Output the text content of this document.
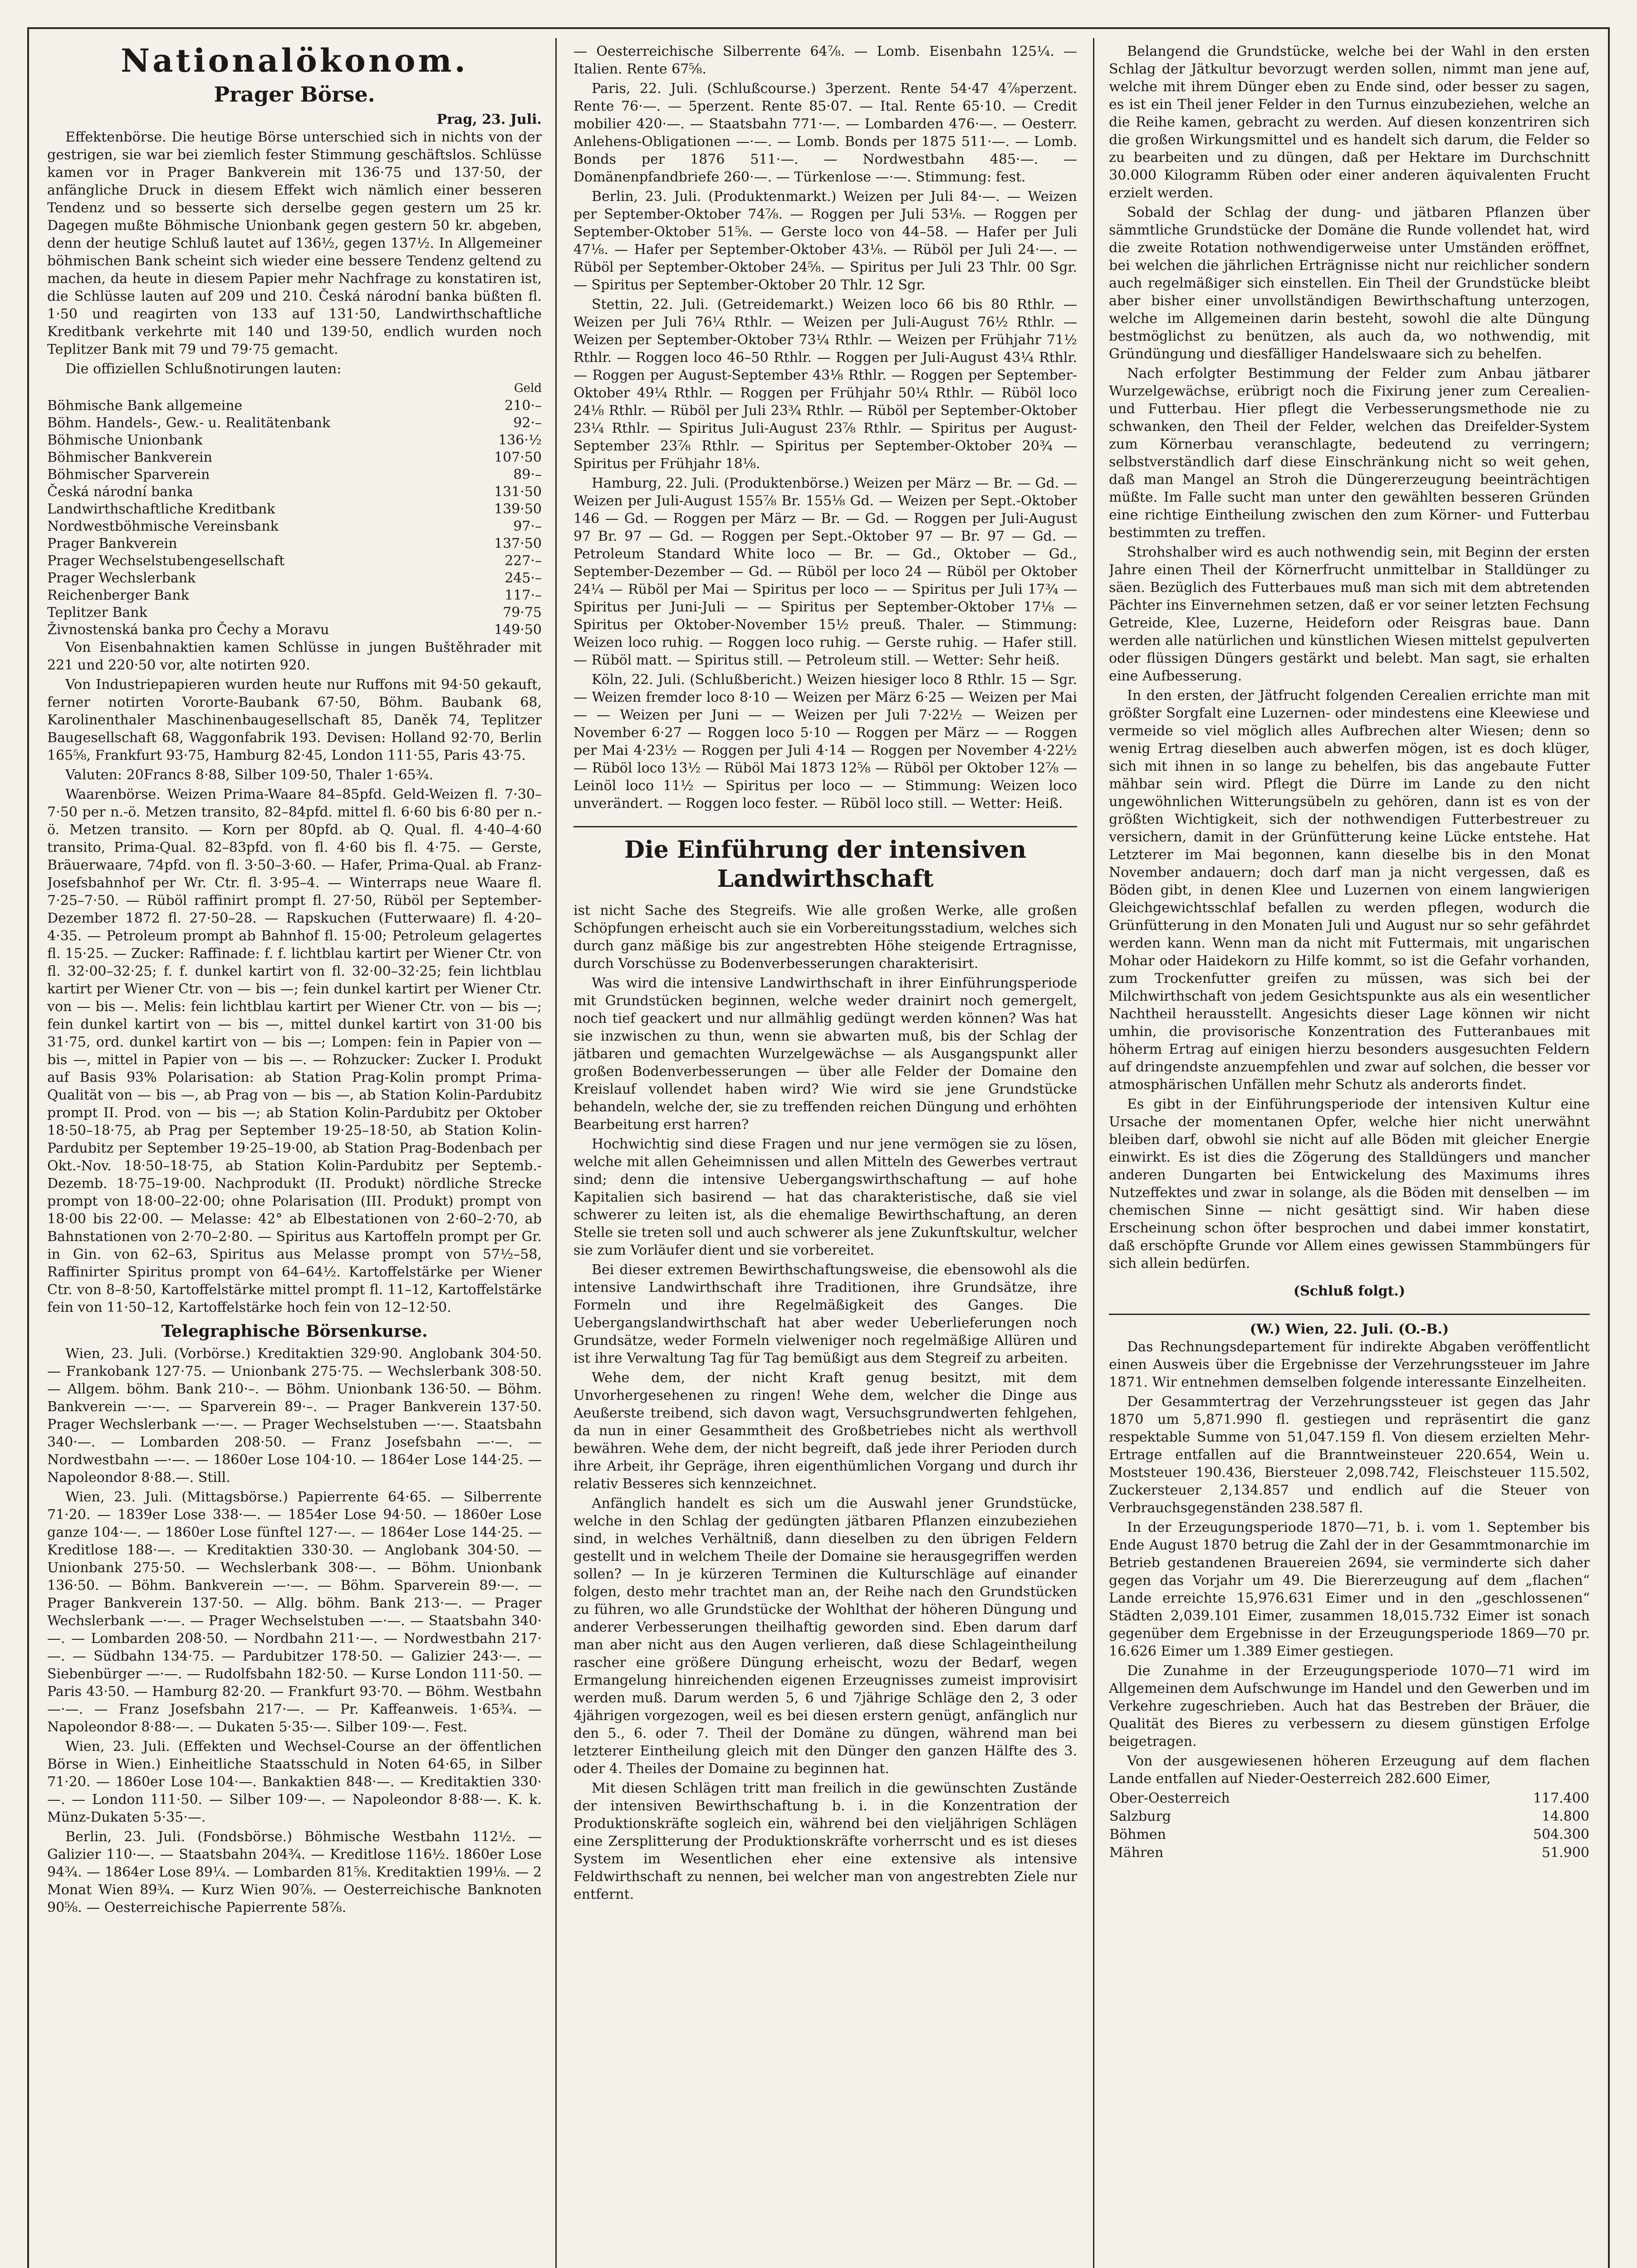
Nationalökonom.
Prager Börse.
Prag, 23. Juli.

Effektenbörse. Die heutige Börse unterschied sich in nichts von der gestrigen, sie war bei ziemlich fester Stimmung geschäftslos. Schlüsse kamen vor in Prager Bankverein mit 136·75 und 137·50, der anfängliche Druck in diesem Effekt wich nämlich einer besseren Tendenz und so besserte sich derselbe gegen gestern um 25 kr. Dagegen mußte Böhmische Unionbank gegen gestern 50 kr. abgeben, denn der heutige Schluß lautet auf 136½, gegen 137½. In Allgemeiner böhmischen Bank scheint sich wieder eine bessere Tendenz geltend zu machen, da heute in diesem Papier mehr Nachfrage zu konstatiren ist, die Schlüsse lauten auf 209 und 210. Česká národní banka büßten fl. 1·50 und reagirten von 133 auf 131·50, Landwirthschaftliche Kreditbank verkehrte mit 140 und 139·50, endlich wurden noch Teplitzer Bank mit 79 und 79·75 gemacht.

Die offiziellen Schlußnotirungen lauten:

Geld
Böhmische Bank allgemeine	210·–
Böhm. Handels-, Gew.- u. Realitätenbank	92·–
Böhmische Unionbank	136·½
Böhmischer Bankverein	107·50
Böhmischer Sparverein	89·–
Česká národní banka	131·50
Landwirthschaftliche Kreditbank	139·50
Nordwestböhmische Vereinsbank	97·–
Prager Bankverein	137·50
Prager Wechselstubengesellschaft	227·–
Prager Wechslerbank	245·–
Reichenberger Bank	117·–
Teplitzer Bank	79·75
Živnostenská banka pro Čechy a Moravu	149·50

Von Eisenbahnaktien kamen Schlüsse in jungen Buštěhrader mit 221 und 220·50 vor, alte notirten 920.

Von Industriepapieren wurden heute nur Ruffons mit 94·50 gekauft, ferner notirten Vororte-Baubank 67·50, Böhm. Baubank 68, Karolinenthaler Maschinenbaugesellschaft 85, Daněk 74, Teplitzer Baugesellschaft 68, Waggonfabrik 193. Devisen: Holland 92·70, Berlin 165⅝, Frankfurt 93·75, Hamburg 82·45, London 111·55, Paris 43·75.

Valuten: 20Francs 8·88, Silber 109·50, Thaler 1·65¾.

Waarenbörse. Weizen Prima-Waare 84–85pfd. Geld-Weizen fl. 7·30–7·50 per n.-ö. Metzen transito, 82–84pfd. mittel fl. 6·60 bis 6·80 per n.-ö. Metzen transito. — Korn per 80pfd. ab Q. Qual. fl. 4·40–4·60 transito, Prima-Qual. 82–83pfd. von fl. 4·60 bis fl. 4·75. — Gerste, Bräuerwaare, 74pfd. von fl. 3·50–3·60. — Hafer, Prima-Qual. ab Franz-Josefsbahnhof per Wr. Ctr. fl. 3·95–4. — Winterraps neue Waare fl. 7·25–7·50. — Rüböl raffinirt prompt fl. 27·50, Rüböl per September-Dezember 1872 fl. 27·50–28. — Rapskuchen (Futterwaare) fl. 4·20–4·35. — Petroleum prompt ab Bahnhof fl. 15·00; Petroleum gelagertes fl. 15·25. — Zucker: Raffinade: f. f. lichtblau kartirt per Wiener Ctr. von fl. 32·00–32·25; f. f. dunkel kartirt von fl. 32·00–32·25; fein lichtblau kartirt per Wiener Ctr. von — bis —; fein dunkel kartirt per Wiener Ctr. von — bis —. Melis: fein lichtblau kartirt per Wiener Ctr. von — bis —; fein dunkel kartirt von — bis —, mittel dunkel kartirt von 31·00 bis 31·75, ord. dunkel kartirt von — bis —; Lompen: fein in Papier von — bis —, mittel in Papier von — bis —. — Rohzucker: Zucker I. Produkt auf Basis 93% Polarisation: ab Station Prag-Kolin prompt Prima-Qualität von — bis —, ab Prag von — bis —, ab Station Kolin-Pardubitz prompt II. Prod. von — bis —; ab Station Kolin-Pardubitz per Oktober 18·50–18·75, ab Prag per September 19·25–18·50, ab Station Kolin-Pardubitz per September 19·25–19·00, ab Station Prag-Bodenbach per Okt.-Nov. 18·50–18·75, ab Station Kolin-Pardubitz per Septemb.-Dezemb. 18·75–19·00. Nachprodukt (II. Produkt) nördliche Strecke prompt von 18·00–22·00; ohne Polarisation (III. Produkt) prompt von 18·00 bis 22·00. — Melasse: 42° ab Elbestationen von 2·60–2·70, ab Bahnstationen von 2·70–2·80. — Spiritus aus Kartoffeln prompt per Gr. in Gin. von 62–63, Spiritus aus Melasse prompt von 57½–58, Raffinirter Spiritus prompt von 64–64½. Kartoffelstärke per Wiener Ctr. von 8–8·50, Kartoffelstärke mittel prompt fl. 11–12, Kartoffelstärke fein von 11·50–12, Kartoffelstärke hoch fein von 12–12·50.

Telegraphische Börsenkurse.

Wien, 23. Juli. (Vorbörse.) Kreditaktien 329·90. Anglobank 304·50. — Frankobank 127·75. — Unionbank 275·75. — Wechslerbank 308·50. — Allgem. böhm. Bank 210·–. — Böhm. Unionbank 136·50. — Böhm. Bankverein —·—. — Sparverein 89·–. — Prager Bankverein 137·50. Prager Wechslerbank —·—. — Prager Wechselstuben —·—. Staatsbahn 340·—. — Lombarden 208·50. — Franz Josefsbahn —·—. — Nordwestbahn —·—. — 1860er Lose 104·10. — 1864er Lose 144·25. — Napoleondor 8·88.—. Still.

Wien, 23. Juli. (Mittagsbörse.) Papierrente 64·65. — Silberrente 71·20. — 1839er Lose 338·—. — 1854er Lose 94·50. — 1860er Lose ganze 104·—. — 1860er Lose fünftel 127·—. — 1864er Lose 144·25. — Kreditlose 188·—. — Kreditaktien 330·30. — Anglobank 304·50. — Unionbank 275·50. — Wechslerbank 308·—. — Böhm. Unionbank 136·50. — Böhm. Bankverein —·—. — Böhm. Sparverein 89·—. — Prager Bankverein 137·50. — Allg. böhm. Bank 213·—. — Prager Wechslerbank —·—. — Prager Wechselstuben —·—. — Staatsbahn 340·—. — Lombarden 208·50. — Nordbahn 211·—. — Nordwestbahn 217·—. — Südbahn 134·75. — Pardubitzer 178·50. — Galizier 243·—. — Siebenbürger —·—. — Rudolfsbahn 182·50. — Kurse London 111·50. — Paris 43·50. — Hamburg 82·20. — Frankfurt 93·70. — Böhm. Westbahn —·—. — Franz Josefsbahn 217·—. — Pr. Kaffeanweis. 1·65¾. — Napoleondor 8·88·—. — Dukaten 5·35·—. Silber 109·—. Fest.

Wien, 23. Juli. (Effekten und Wechsel-Course an der öffentlichen Börse in Wien.) Einheitliche Staatsschuld in Noten 64·65, in Silber 71·20. — 1860er Lose 104·—. Bankaktien 848·—. — Kreditaktien 330·—. — London 111·50. — Silber 109·—. — Napoleondor 8·88·—. K. k. Münz-Dukaten 5·35·—.

Berlin, 23. Juli. (Fondsbörse.) Böhmische Westbahn 112½. — Galizier 110·—. — Staatsbahn 204¾. — Kreditlose 116½. 1860er Lose 94¾. — 1864er Lose 89¼. — Lombarden 81⅝. Kreditaktien 199⅛. — 2 Monat Wien 89¾. — Kurz Wien 90⅞. — Oesterreichische Banknoten 90⅝. — Oesterreichische Papierrente 58⅞.

— Oesterreichische Silberrente 64⅞. — Lomb. Eisenbahn 125¼. — Italien. Rente 67⅝.

Paris, 22. Juli. (Schlußcourse.) 3perzent. Rente 54·47 4⅞perzent. Rente 76·—. — 5perzent. Rente 85·07. — Ital. Rente 65·10. — Credit mobilier 420·—. — Staatsbahn 771·—. — Lombarden 476·—. — Oesterr. Anlehens-Obligationen —·—. — Lomb. Bonds per 1875 511·—. — Lomb. Bonds per 1876 511·—. — Nordwestbahn 485·—. — Domänenpfandbriefe 260·—. — Türkenlose —·—. Stimmung: fest.

Berlin, 23. Juli. (Produktenmarkt.) Weizen per Juli 84·—. — Weizen per September-Oktober 74⅞. — Roggen per Juli 53⅛. — Roggen per September-Oktober 51⅝. — Gerste loco von 44–58. — Hafer per Juli 47⅛. — Hafer per September-Oktober 43⅛. — Rüböl per Juli 24·—. — Rüböl per September-Oktober 24⅝. — Spiritus per Juli 23 Thlr. 00 Sgr. — Spiritus per September-Oktober 20 Thlr. 12 Sgr.

Stettin, 22. Juli. (Getreidemarkt.) Weizen loco 66 bis 80 Rthlr. — Weizen per Juli 76¼ Rthlr. — Weizen per Juli-August 76½ Rthlr. — Weizen per September-Oktober 73¼ Rthlr. — Weizen per Frühjahr 71½ Rthlr. — Roggen loco 46–50 Rthlr. — Roggen per Juli-August 43¼ Rthlr. — Roggen per August-September 43⅛ Rthlr. — Roggen per September-Oktober 49¼ Rthlr. — Roggen per Frühjahr 50¼ Rthlr. — Rüböl loco 24⅛ Rthlr. — Rüböl per Juli 23¾ Rthlr. — Rüböl per September-Oktober 23¼ Rthlr. — Spiritus Juli-August 23⅞ Rthlr. — Spiritus per August-September 23⅞ Rthlr. — Spiritus per September-Oktober 20¾ — Spiritus per Frühjahr 18⅛.

Hamburg, 22. Juli. (Produktenbörse.) Weizen per März — Br. — Gd. — Weizen per Juli-August 155⅞ Br. 155⅛ Gd. — Weizen per Sept.-Oktober 146 — Gd. — Roggen per März — Br. — Gd. — Roggen per Juli-August 97 Br. 97 — Gd. — Roggen per Sept.-Oktober 97 — Br. 97 — Gd. — Petroleum Standard White loco — Br. — Gd., Oktober — Gd., September-Dezember — Gd. — Rüböl per loco 24 — Rüböl per Oktober 24¼ — Rüböl per Mai — Spiritus per loco — — Spiritus per Juli 17¾ — Spiritus per Juni-Juli — — Spiritus per September-Oktober 17⅛ — Spiritus per Oktober-November 15½ preuß. Thaler. — Stimmung: Weizen loco ruhig. — Roggen loco ruhig. — Gerste ruhig. — Hafer still. — Rüböl matt. — Spiritus still. — Petroleum still. — Wetter: Sehr heiß.

Köln, 22. Juli. (Schlußbericht.) Weizen hiesiger loco 8 Rthlr. 15 — Sgr. — Weizen fremder loco 8·10 — Weizen per März 6·25 — Weizen per Mai — — Weizen per Juni — — Weizen per Juli 7·22½ — Weizen per November 6·27 — Roggen loco 5·10 — Roggen per März — — Roggen per Mai 4·23½ — Roggen per Juli 4·14 — Roggen per November 4·22½ — Rüböl loco 13½ — Rüböl Mai 1873 12⅝ — Rüböl per Oktober 12⅞ — Leinöl loco 11½ — Spiritus per loco — — Stimmung: Weizen loco unverändert. — Roggen loco fester. — Rüböl loco still. — Wetter: Heiß.

Die Einführung der intensiven Landwirthschaft

ist nicht Sache des Stegreifs. Wie alle großen Werke, alle großen Schöpfungen erheischt auch sie ein Vorbereitungsstadium, welches sich durch ganz mäßige bis zur angestrebten Höhe steigende Ertragnisse, durch Vorschüsse zu Bodenverbesserungen charakterisirt.

Was wird die intensive Landwirthschaft in ihrer Einführungsperiode mit Grundstücken beginnen, welche weder drainirt noch gemergelt, noch tief geackert und nur allmählig gedüngt werden können? Was hat sie inzwischen zu thun, wenn sie abwarten muß, bis der Schlag der jätbaren und gemachten Wurzelgewächse — als Ausgangspunkt aller großen Bodenverbesserungen — über alle Felder der Domaine den Kreislauf vollendet haben wird? Wie wird sie jene Grundstücke behandeln, welche der, sie zu treffenden reichen Düngung und erhöhten Bearbeitung erst harren?

Hochwichtig sind diese Fragen und nur jene vermögen sie zu lösen, welche mit allen Geheimnissen und allen Mitteln des Gewerbes vertraut sind; denn die intensive Uebergangswirthschaftung — auf hohe Kapitalien sich basirend — hat das charakteristische, daß sie viel schwerer zu leiten ist, als die ehemalige Bewirthschaftung, an deren Stelle sie treten soll und auch schwerer als jene Zukunftskultur, welcher sie zum Vorläufer dient und sie vorbereitet.

Bei dieser extremen Bewirthschaftungsweise, die ebensowohl als die intensive Landwirthschaft ihre Traditionen, ihre Grundsätze, ihre Formeln und ihre Regelmäßigkeit des Ganges. Die Uebergangslandwirthschaft hat aber weder Ueberlieferungen noch Grundsätze, weder Formeln vielweniger noch regelmäßige Allüren und ist ihre Verwaltung Tag für Tag bemüßigt aus dem Stegreif zu arbeiten.

Wehe dem, der nicht Kraft genug besitzt, mit dem Unvorhergesehenen zu ringen! Wehe dem, welcher die Dinge aus Aeußerste treibend, sich davon wagt, Versuchsgrundwerten fehlgehen, da nun in einer Gesammtheit des Großbetriebes nicht als werthvoll bewähren. Wehe dem, der nicht begreift, daß jede ihrer Perioden durch ihre Arbeit, ihr Gepräge, ihren eigenthümlichen Vorgang und durch ihr relativ Besseres sich kennzeichnet.

Anfänglich handelt es sich um die Auswahl jener Grundstücke, welche in den Schlag der gedüngten jätbaren Pflanzen einzubeziehen sind, in welches Verhältniß, dann dieselben zu den übrigen Feldern gestellt und in welchem Theile der Domaine sie herausgegriffen werden sollen? — In je kürzeren Terminen die Kulturschläge auf einander folgen, desto mehr trachtet man an, der Reihe nach den Grundstücken zu führen, wo alle Grundstücke der Wohlthat der höheren Düngung und anderer Verbesserungen theilhaftig geworden sind. Eben darum darf man aber nicht aus den Augen verlieren, daß diese Schlageintheilung rascher eine größere Düngung erheischt, wozu der Bedarf, wegen Ermangelung hinreichenden eigenen Erzeugnisses zumeist improvisirt werden muß. Darum werden 5, 6 und 7jährige Schläge den 2, 3 oder 4jährigen vorgezogen, weil es bei diesen erstern genügt, anfänglich nur den 5., 6. oder 7. Theil der Domäne zu düngen, während man bei letzterer Eintheilung gleich mit den Dünger den ganzen Hälfte des 3. oder 4. Theiles der Domaine zu beginnen hat.

Mit diesen Schlägen tritt man freilich in die gewünschten Zustände der intensiven Bewirthschaftung b. i. in die Konzentration der Produktionskräfte sogleich ein, während bei den vieljährigen Schlägen eine Zersplitterung der Produktionskräfte vorherrscht und es ist dieses System im Wesentlichen eher eine extensive als intensive Feldwirthschaft zu nennen, bei welcher man von angestrebten Ziele nur entfernt.

Belangend die Grundstücke, welche bei der Wahl in den ersten Schlag der Jätkultur bevorzugt werden sollen, nimmt man jene auf, welche mit ihrem Dünger eben zu Ende sind, oder besser zu sagen, es ist ein Theil jener Felder in den Turnus einzubeziehen, welche an die Reihe kamen, gebracht zu werden. Auf diesen konzentriren sich die großen Wirkungsmittel und es handelt sich darum, die Felder so zu bearbeiten und zu düngen, daß per Hektare im Durchschnitt 30.000 Kilogramm Rüben oder einer anderen äquivalenten Frucht erzielt werden.

Sobald der Schlag der dung- und jätbaren Pflanzen über sämmtliche Grundstücke der Domäne die Runde vollendet hat, wird die zweite Rotation nothwendigerweise unter Umständen eröffnet, bei welchen die jährlichen Erträgnisse nicht nur reichlicher sondern auch regelmäßiger sich einstellen. Ein Theil der Grundstücke bleibt aber bisher einer unvollständigen Bewirthschaftung unterzogen, welche im Allgemeinen darin besteht, sowohl die alte Düngung bestmöglichst zu benützen, als auch da, wo nothwendig, mit Gründüngung und diesfälliger Handelswaare sich zu behelfen.

Nach erfolgter Bestimmung der Felder zum Anbau jätbarer Wurzelgewächse, erübrigt noch die Fixirung jener zum Cerealien- und Futterbau. Hier pflegt die Verbesserungsmethode nie zu schwanken, den Theil der Felder, welchen das Dreifelder-System zum Körnerbau veranschlagte, bedeutend zu verringern; selbstverständlich darf diese Einschränkung nicht so weit gehen, daß man Mangel an Stroh die Düngererzeugung beeinträchtigen müßte. Im Falle sucht man unter den gewählten besseren Gründen eine richtige Eintheilung zwischen den zum Körner- und Futterbau bestimmten zu treffen.

Strohshalber wird es auch nothwendig sein, mit Beginn der ersten Jahre einen Theil der Körnerfrucht unmittelbar in Stalldünger zu säen. Bezüglich des Futterbaues muß man sich mit dem abtretenden Pächter ins Einvernehmen setzen, daß er vor seiner letzten Fechsung Getreide, Klee, Luzerne, Heideforn oder Reisgras baue. Dann werden alle natürlichen und künstlichen Wiesen mittelst gepulverten oder flüssigen Düngers gestärkt und belebt. Man sagt, sie erhalten eine Aufbesserung.

In den ersten, der Jätfrucht folgenden Cerealien errichte man mit größter Sorgfalt eine Luzernen- oder mindestens eine Kleewiese und vermeide so viel möglich alles Aufbrechen alter Wiesen; denn so wenig Ertrag dieselben auch abwerfen mögen, ist es doch klüger, sich mit ihnen in so lange zu behelfen, bis das angebaute Futter mähbar sein wird. Pflegt die Dürre im Lande zu den nicht ungewöhnlichen Witterungsübeln zu gehören, dann ist es von der größten Wichtigkeit, sich der nothwendigen Futterbestreuer zu versichern, damit in der Grünfütterung keine Lücke entstehe. Hat Letzterer im Mai begonnen, kann dieselbe bis in den Monat November andauern; doch darf man ja nicht vergessen, daß es Böden gibt, in denen Klee und Luzernen von einem langwierigen Gleichgewichtsschlaf befallen zu werden pflegen, wodurch die Grünfütterung in den Monaten Juli und August nur so sehr gefährdet werden kann. Wenn man da nicht mit Futtermais, mit ungarischen Mohar oder Haidekorn zu Hilfe kommt, so ist die Gefahr vorhanden, zum Trockenfutter greifen zu müssen, was sich bei der Milchwirthschaft von jedem Gesichtspunkte aus als ein wesentlicher Nachtheil herausstellt. Angesichts dieser Lage können wir nicht umhin, die provisorische Konzentration des Futteranbaues mit höherm Ertrag auf einigen hierzu besonders ausgesuchten Feldern auf dringendste anzuempfehlen und zwar auf solchen, die besser vor atmosphärischen Unfällen mehr Schutz als anderorts findet.

Es gibt in der Einführungsperiode der intensiven Kultur eine Ursache der momentanen Opfer, welche hier nicht unerwähnt bleiben darf, obwohl sie nicht auf alle Böden mit gleicher Energie einwirkt. Es ist dies die Zögerung des Stalldüngers und mancher anderen Dungarten bei Entwickelung des Maximums ihres Nutzeffektes und zwar in solange, als die Böden mit denselben — im chemischen Sinne — nicht gesättigt sind. Wir haben diese Erscheinung schon öfter besprochen und dabei immer konstatirt, daß erschöpfte Grunde vor Allem eines gewissen Stammbüngers für sich allein bedürfen.

(Schluß folgt.)
(W.) Wien, 22. Juli. (O.-B.)

Das Rechnungsdepartement für indirekte Abgaben veröffentlicht einen Ausweis über die Ergebnisse der Verzehrungssteuer im Jahre 1871. Wir entnehmen demselben folgende interessante Einzelheiten.

Der Gesammtertrag der Verzehrungssteuer ist gegen das Jahr 1870 um 5,871.990 fl. gestiegen und repräsentirt die ganz respektable Summe von 51,047.159 fl. Von diesem erzielten Mehr-Ertrage entfallen auf die Branntweinsteuer 220.654, Wein u. Moststeuer 190.436, Biersteuer 2,098.742, Fleischsteuer 115.502, Zuckersteuer 2,134.857 und endlich auf die Steuer von Verbrauchsgegenständen 238.587 fl.

In der Erzeugungsperiode 1870—71, b. i. vom 1. September bis Ende August 1870 betrug die Zahl der in der Gesammtmonarchie im Betrieb gestandenen Brauereien 2694, sie verminderte sich daher gegen das Vorjahr um 49. Die Biererzeugung auf dem „flachen“ Lande erreichte 15,976.631 Eimer und in den „geschlossenen“ Städten 2,039.101 Eimer, zusammen 18,015.732 Eimer ist sonach gegenüber dem Ergebnisse in der Erzeugungsperiode 1869—70 pr. 16.626 Eimer um 1.389 Eimer gestiegen.

Die Zunahme in der Erzeugungsperiode 1070—71 wird im Allgemeinen dem Aufschwunge im Handel und den Gewerben und im Verkehre zugeschrieben. Auch hat das Bestreben der Bräuer, die Qualität des Bieres zu verbessern zu diesem günstigen Erfolge beigetragen.

Von der ausgewiesenen höheren Erzeugung auf dem flachen Lande entfallen auf Nieder-Oesterreich 282.600 Eimer,

Ober-Oesterreich	117.400
Salzburg	14.800
Böhmen	504.300
Mähren	51.900
